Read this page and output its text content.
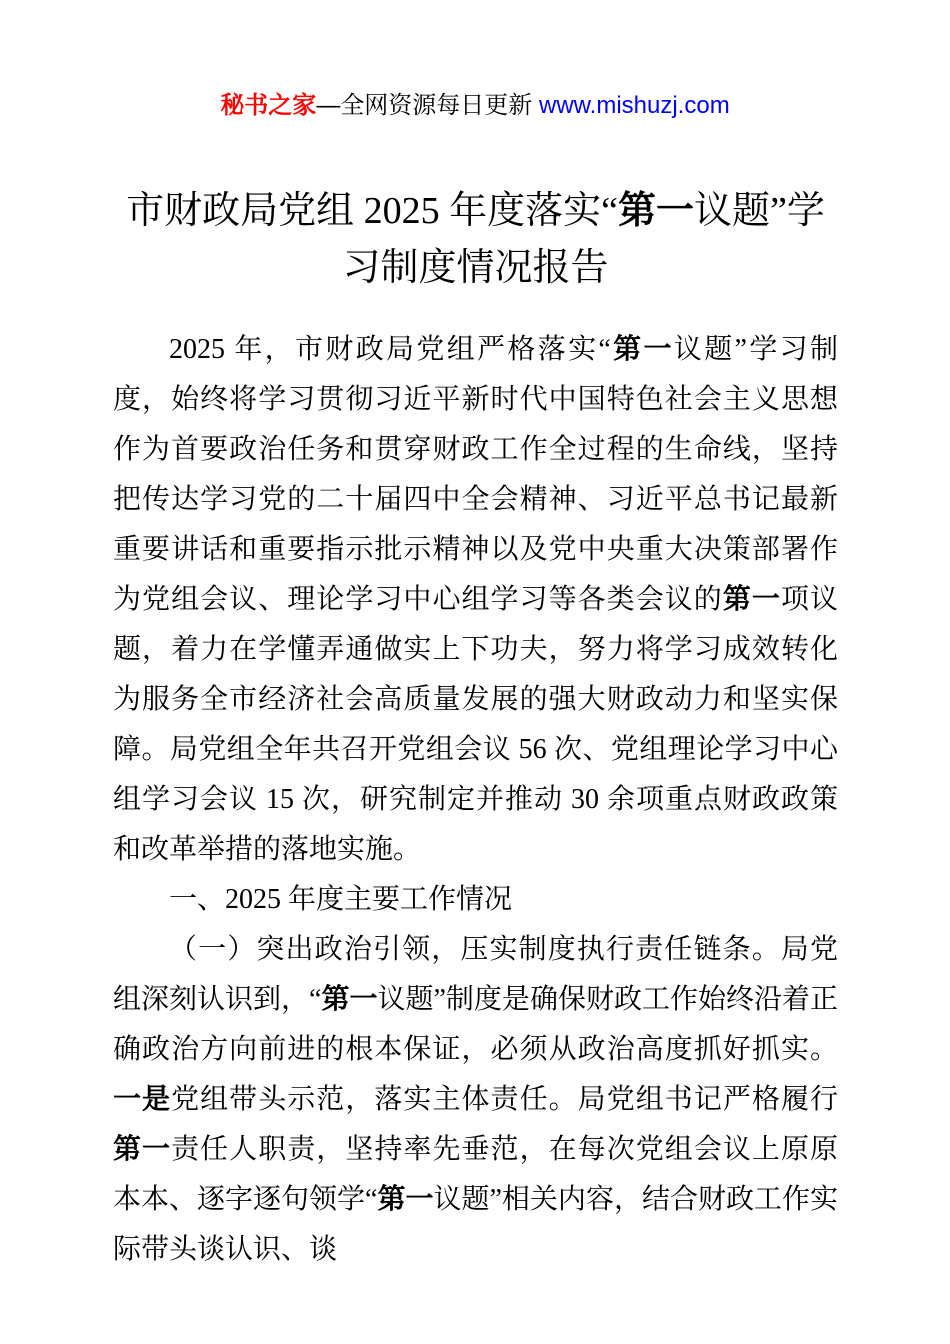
秘书之家—全网资源每日更新 www.mishuzj.com
市财政局党组 2025 年度落实“第一议题”学习制度情况报告

2025 年，市财政局党组严格落实“第一议题”学习制度，始终将学习贯彻习近平新时代中国特色社会主义思想作为首要政治任务和贯穿财政工作全过程的生命线，坚持把传达学习党的二十届四中全会精神、习近平总书记最新重要讲话和重要指示批示精神以及党中央重大决策部署作为党组会议、理论学习中心组学习等各类会议的第一项议题，着力在学懂弄通做实上下功夫，努力将学习成效转化为服务全市经济社会高质量发展的强大财政动力和坚实保障。局党组全年共召开党组会议 56 次、党组理论学习中心组学习会议 15 次，研究制定并推动 30 余项重点财政政策和改革举措的落地实施。

一、2025 年度主要工作情况

（一）突出政治引领，压实制度执行责任链条。局党组深刻认识到，“第一议题”制度是确保财政工作始终沿着正确政治方向前进的根本保证，必须从政治高度抓好抓实。一是党组带头示范，落实主体责任。局党组书记严格履行第一责任人职责，坚持率先垂范，在每次党组会议上原原本本、逐字逐句领学“第一议题”相关内容，结合财政工作实际带头谈认识、谈
